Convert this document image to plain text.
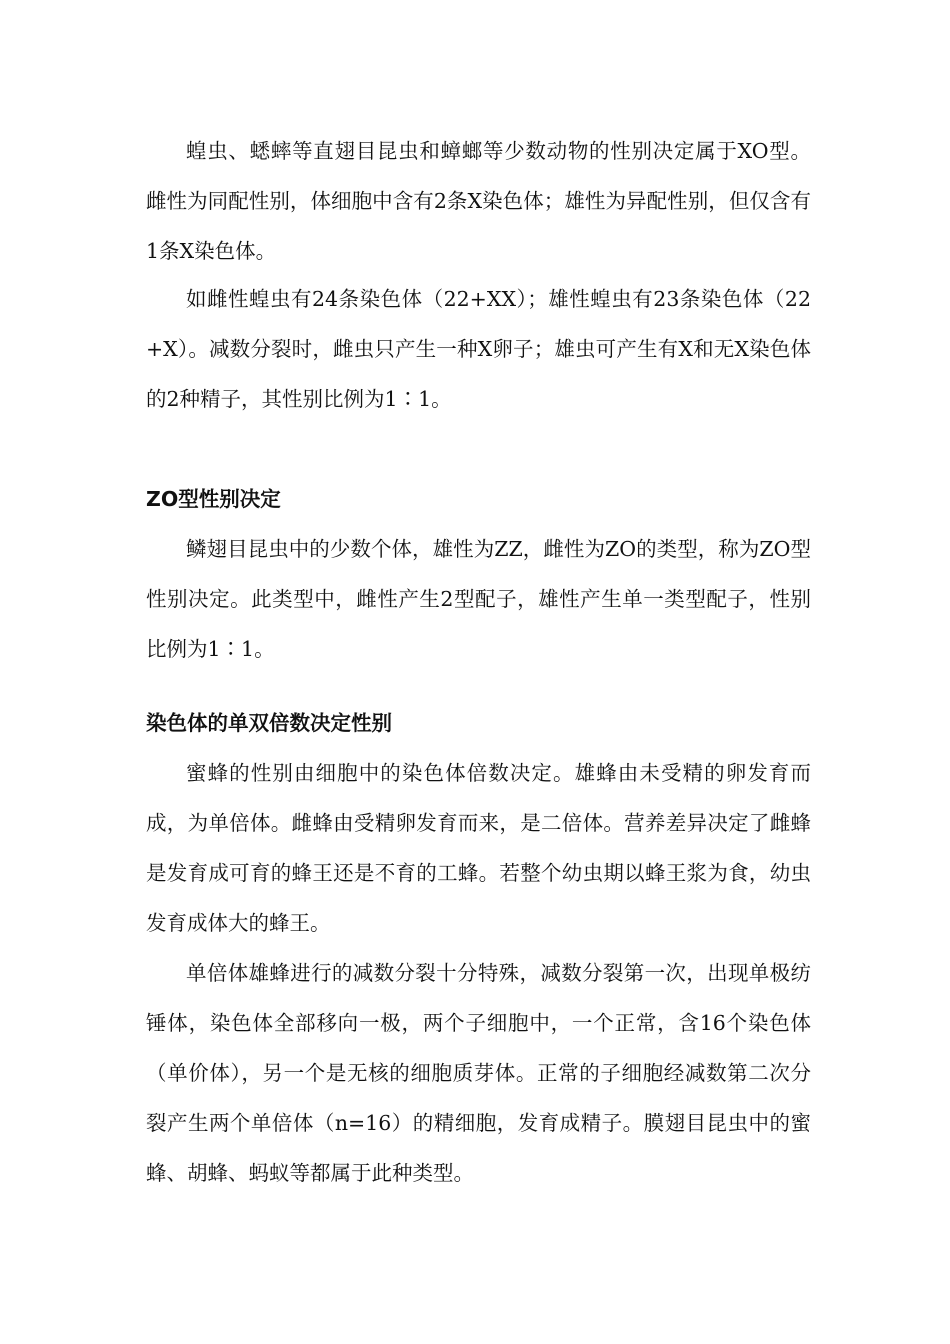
蝗虫、蟋蟀等直翅目昆虫和蟑螂等少数动物的性别决定属于XO型。雌性为同配性别，体细胞中含有2条X染色体；雄性为异配性别，但仅含有1条X染色体。

如雌性蝗虫有24条染色体（22+XX）；雄性蝗虫有23条染色体（22+X）。减数分裂时，雌虫只产生一种X卵子；雄虫可产生有X和无X染色体的2种精子，其性别比例为1∶1。

ZO型性别决定

鳞翅目昆虫中的少数个体，雄性为ZZ，雌性为ZO的类型，称为ZO型性别决定。此类型中，雌性产生2型配子，雄性产生单一类型配子，性别比例为1∶1。

染色体的单双倍数决定性别

蜜蜂的性别由细胞中的染色体倍数决定。雄蜂由未受精的卵发育而成，为单倍体。雌蜂由受精卵发育而来，是二倍体。营养差异决定了雌蜂是发育成可育的蜂王还是不育的工蜂。若整个幼虫期以蜂王浆为食，幼虫发育成体大的蜂王。

单倍体雄蜂进行的减数分裂十分特殊，减数分裂第一次，出现单极纺锤体，染色体全部移向一极，两个子细胞中，一个正常，含16个染色体（单价体），另一个是无核的细胞质芽体。正常的子细胞经减数第二次分裂产生两个单倍体（n=16）的精细胞，发育成精子。膜翅目昆虫中的蜜蜂、胡蜂、蚂蚁等都属于此种类型。
